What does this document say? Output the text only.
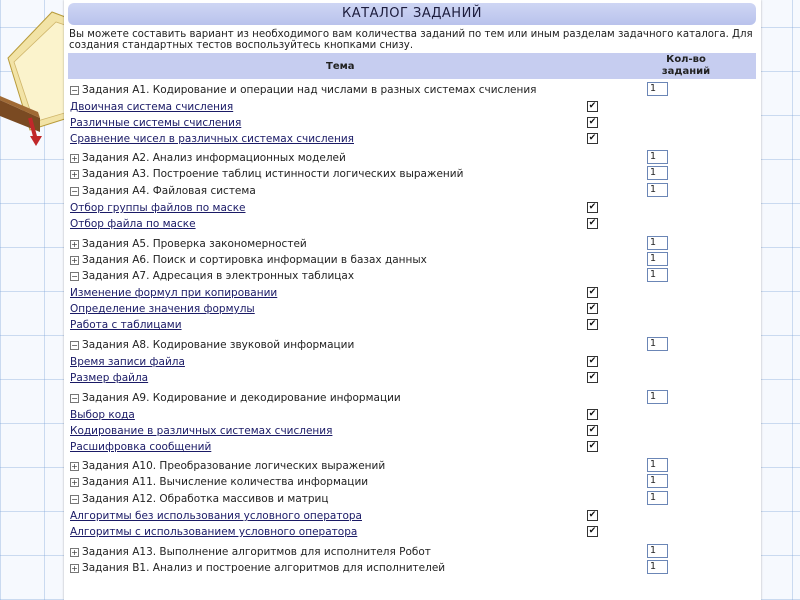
КАТАЛОГ ЗАДАНИЙ
Вы можете составить вариант из необходимого вам количества заданий по тем или иным разделам задачного каталога. Для создания стандартных тестов воспользуйтесь кнопками снизу.
Тема
Кол-во заданий
− Задания А1. Кодирование и операции над числами в разных системах счисления	1
Двоичная система счисления	✔
Различные системы счисления	✔
Сравнение чисел в различных системах счисления	✔
+ Задания А2. Анализ информационных моделей	1
+ Задания А3. Построение таблиц истинности логических выражений	1
− Задания А4. Файловая система	1
Отбор группы файлов по маске	✔
Отбор файла по маске	✔
+ Задания А5. Проверка закономерностей	1
+ Задания А6. Поиск и сортировка информации в базах данных	1
− Задания А7. Адресация в электронных таблицах	1
Изменение формул при копировании	✔
Определение значения формулы	✔
Работа с таблицами	✔
− Задания А8. Кодирование звуковой информации	1
Время записи файла	✔
Размер файла	✔
− Задания А9. Кодирование и декодирование информации	1
Выбор кода	✔
Кодирование в различных системах счисления	✔
Расшифровка сообщений	✔
+ Задания А10. Преобразование логических выражений	1
+ Задания А11. Вычисление количества информации	1
− Задания А12. Обработка массивов и матриц	1
Алгоритмы без использования условного оператора	✔
Алгоритмы с использованием условного оператора	✔
+ Задания А13. Выполнение алгоритмов для исполнителя Робот	1
+ Задания В1. Анализ и построение алгоритмов для исполнителей	1
